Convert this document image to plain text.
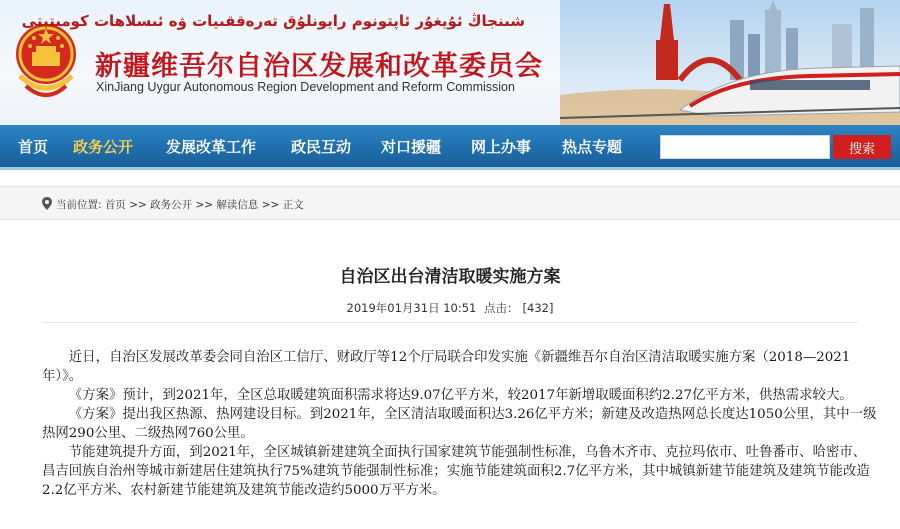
شىنجاڭ ئۇيغۇر ئاپتونوم رايونلۇق تەرەققىيات ۋە ئىسلاھات كومىتېتى
新疆维吾尔自治区发展和改革委员会
XinJiang Uygur Autonomous Region Development and Reform Commission
首页 政务公开 发展改革工作 政民互动 对口援疆 网上办事 热点专题	搜索
当前位置: 首页 >> 政务公开 >> 解读信息 >> 正文
自治区出台清洁取暖实施方案
2019年01月31日 10:51 点击： [432]

近日，自治区发展改革委会同自治区工信厅、财政厅等12个厅局联合印发实施《新疆维吾尔自治区清洁取暖实施方案（2018—2021年）》。

《方案》预计，到2021年，全区总取暖建筑面积需求将达9.07亿平方米，较2017年新增取暖面积约2.27亿平方米，供热需求较大。

《方案》提出我区热源、热网建设目标。到2021年，全区清洁取暖面积达3.26亿平方米；新建及改造热网总长度达1050公里，其中一级热网290公里、二级热网760公里。

节能建筑提升方面，到2021年，全区城镇新建建筑全面执行国家建筑节能强制性标准，乌鲁木齐市、克拉玛依市、吐鲁番市、哈密市、昌吉回族自治州等城市新建居住建筑执行75%建筑节能强制性标准；实施节能建筑面积2.7亿平方米，其中城镇新建节能建筑及建筑节能改造2.2亿平方米、农村新建节能建筑及建筑节能改造约5000万平方米。
